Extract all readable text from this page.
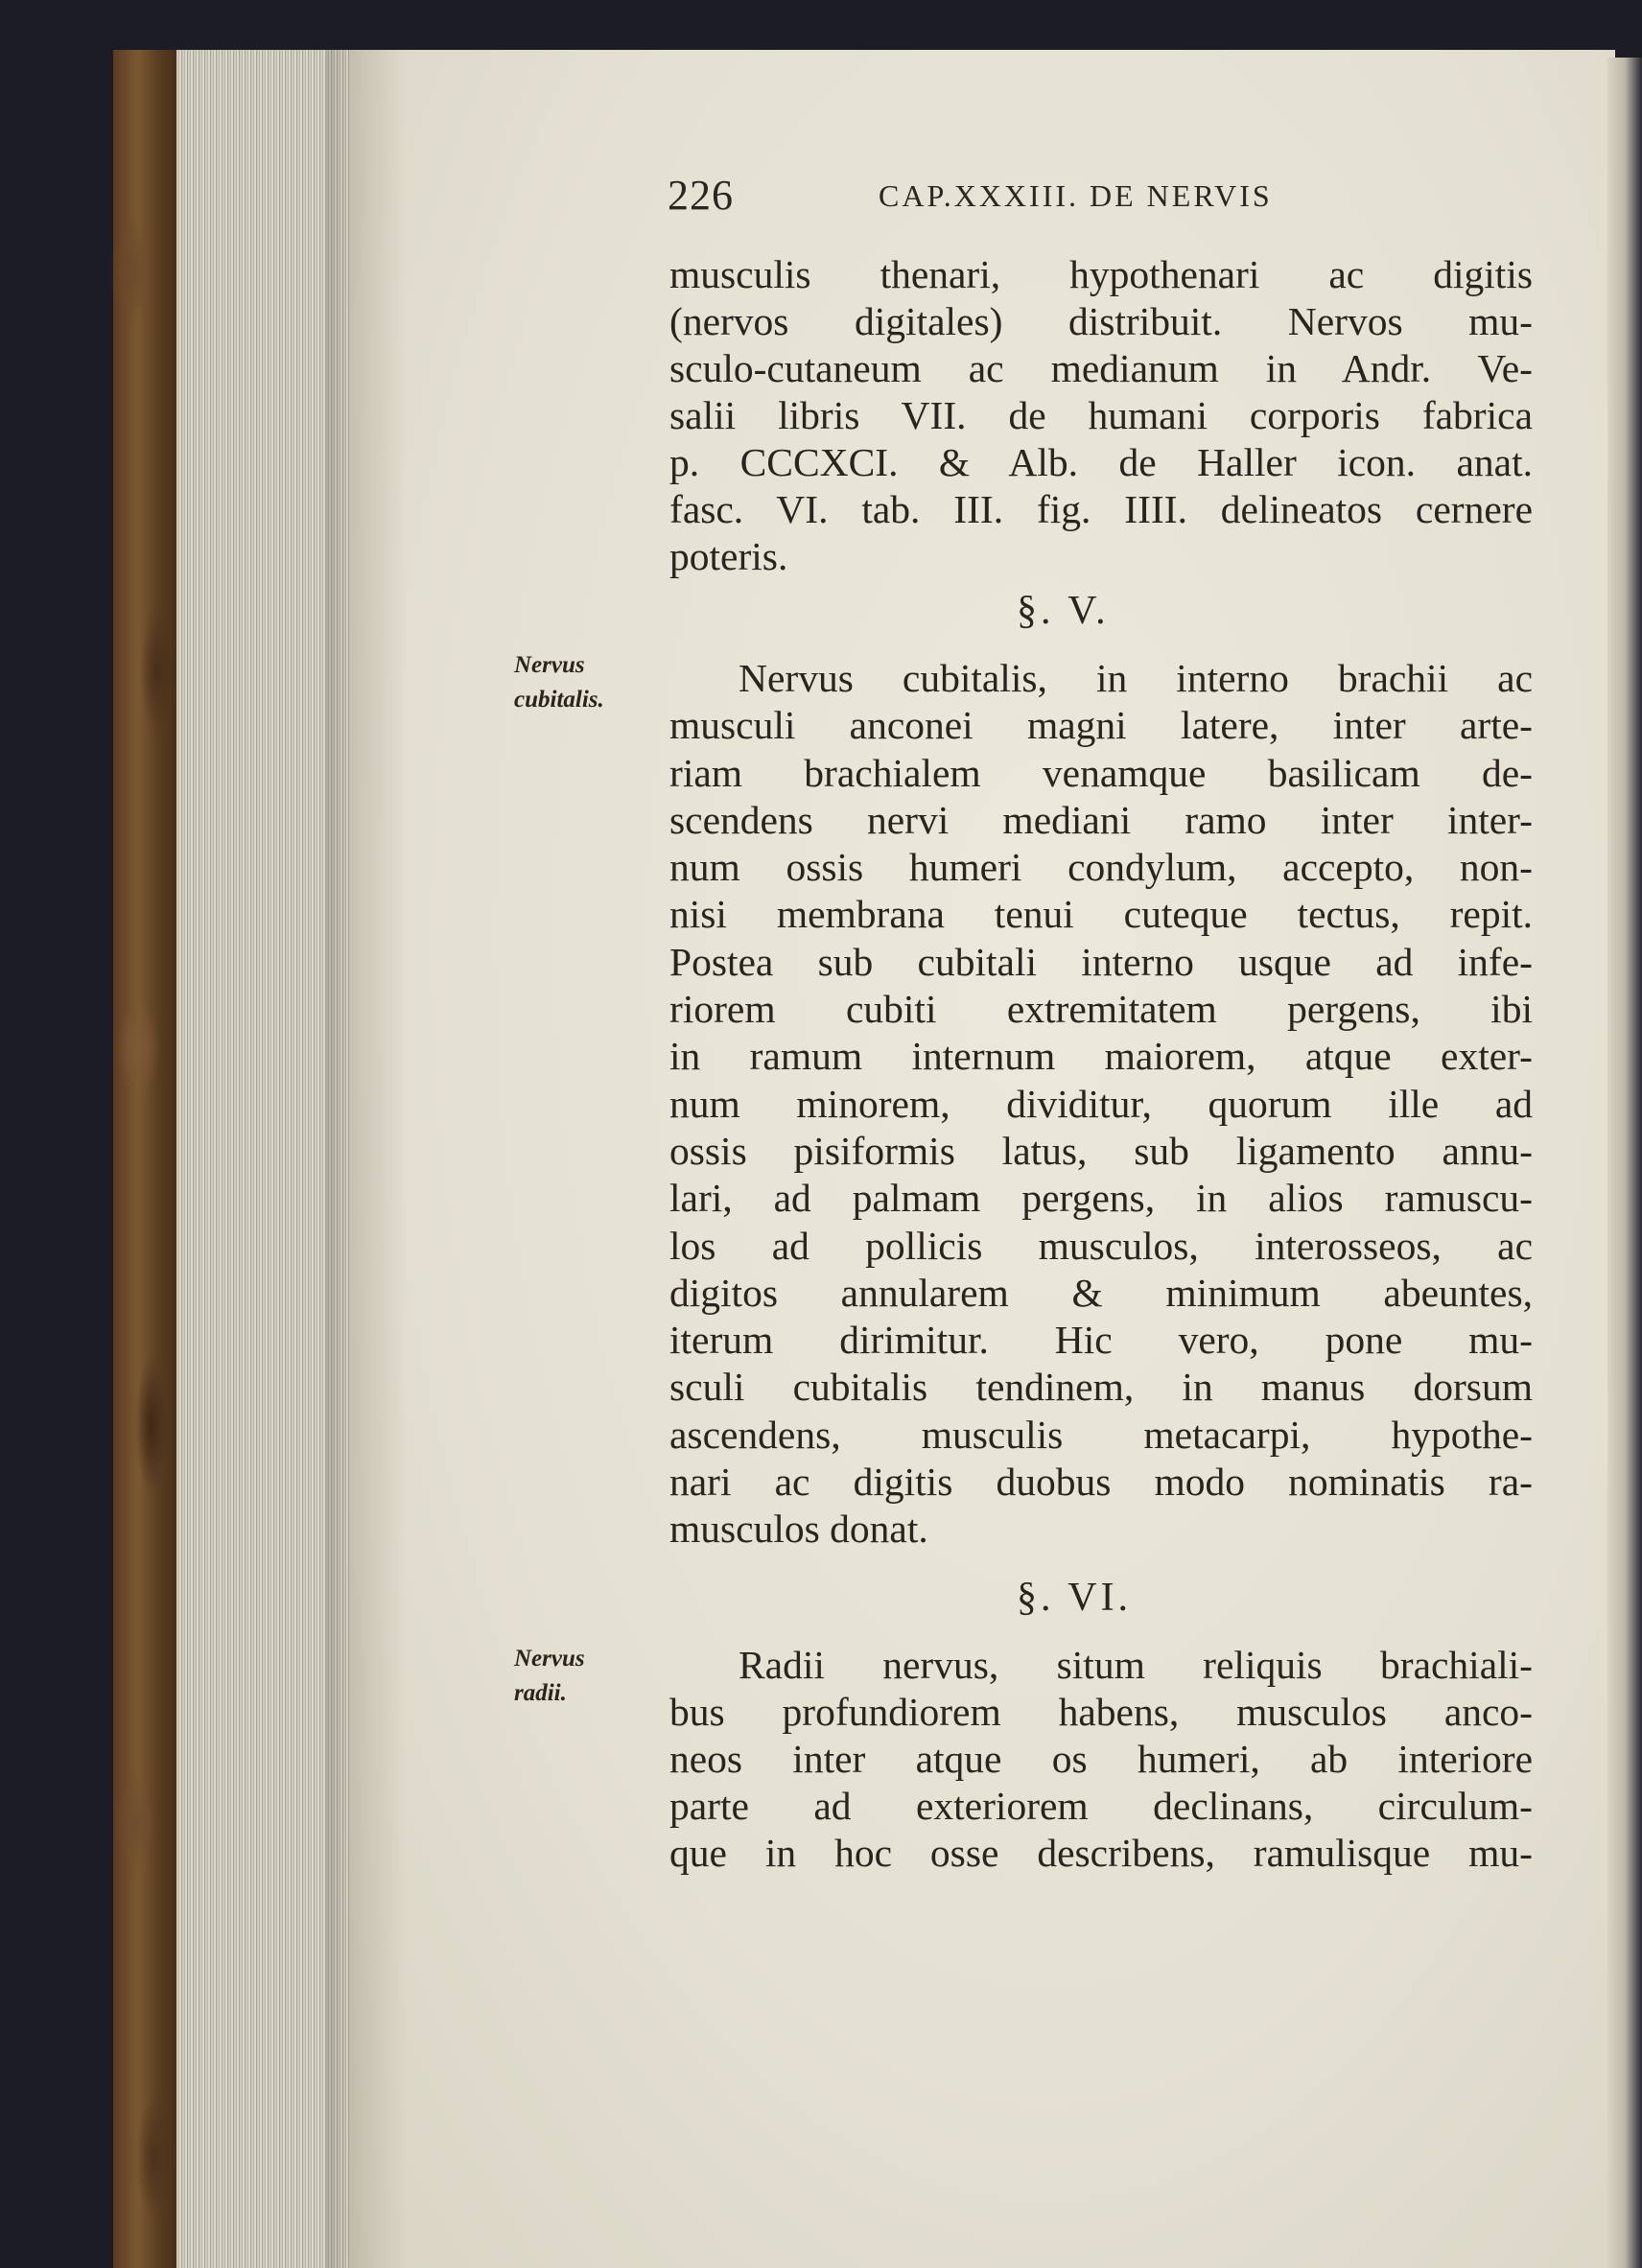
226	CAP.XXXIII. DE NERVIS
musculis thenari, hypothenari ac digitis
(nervos digitales) distribuit. Nervos mu-
sculo-cutaneum ac medianum in Andr. Ve-
salii libris VII. de humani corporis fabrica
p. CCCXCI. & Alb. de Haller icon. anat.
fasc. VI. tab. III. fig. IIII. delineatos cernere
poteris.
§. V.
Nervus
cubitalis.	Nervus cubitalis, in interno brachii ac
musculi anconei magni latere, inter arte-
riam brachialem venamque basilicam de-
scendens nervi mediani ramo inter inter-
num ossis humeri condylum, accepto, non-
nisi membrana tenui cuteque tectus, repit.
Postea sub cubitali interno usque ad infe-
riorem cubiti extremitatem pergens, ibi
in ramum internum maiorem, atque exter-
num minorem, dividitur, quorum ille ad
ossis pisiformis latus, sub ligamento annu-
lari, ad palmam pergens, in alios ramuscu-
los ad pollicis musculos, interosseos, ac
digitos annularem & minimum abeuntes,
iterum dirimitur. Hic vero, pone mu-
sculi cubitalis tendinem, in manus dorsum
ascendens, musculis metacarpi, hypothe-
nari ac digitis duobus modo nominatis ra-
musculos donat.
§. VI.
Nervus
radii.
Radii nervus, situm reliquis brachiali-
bus profundiorem habens, musculos anco-
neos inter atque os humeri, ab interiore
parte ad exteriorem declinans, circulum-
que in hoc osse describens, ramulisque mu-
